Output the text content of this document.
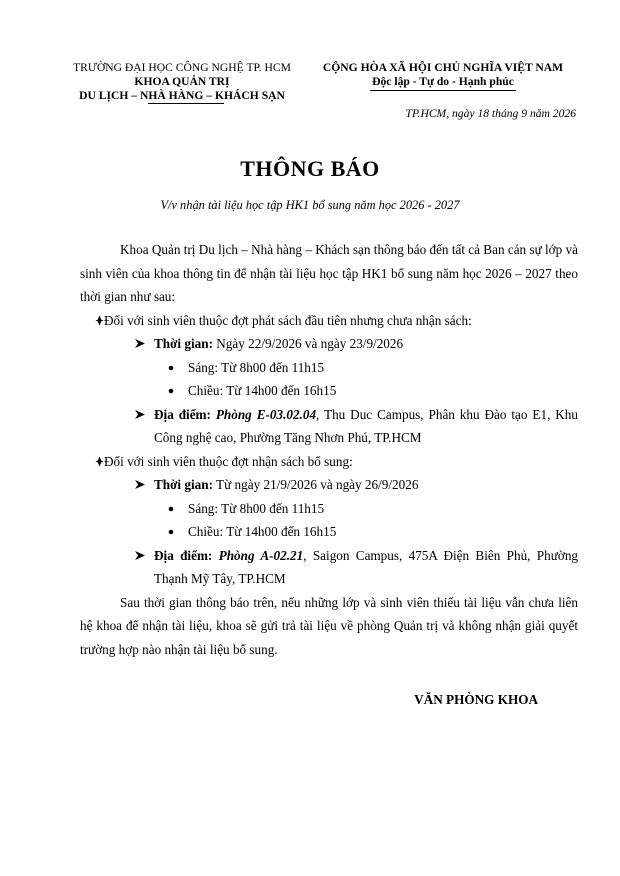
TRƯỜNG ĐẠI HỌC CÔNG NGHỆ TP. HCM
KHOA QUẢN TRỊ
DU LỊCH – NHÀ HÀNG – KHÁCH SẠN
CỘNG HÒA XÃ HỘI CHỦ NGHĨA VIỆT NAM
Độc lập - Tự do - Hạnh phúc
TP.HCM, ngày 18 tháng 9 năm 2026
THÔNG BÁO
V/v nhận tài liệu học tập HK1 bổ sung năm học 2026 - 2027

Khoa Quản trị Du lịch – Nhà hàng – Khách sạn thông báo đến tất cả Ban cán sự lớp và sinh viên của khoa thông tin để nhận tài liệu học tập HK1 bổ sung năm học 2026 – 2027 theo thời gian như sau:

Đối với sinh viên thuộc đợt phát sách đầu tiên nhưng chưa nhận sách:
Thời gian: Ngày 22/9/2026 và ngày 23/9/2026
Sáng: Từ 8h00 đến 11h15
Chiều: Từ 14h00 đến 16h15
Địa điểm: Phòng E-03.02.04, Thu Duc Campus, Phân khu Đào tạo E1, Khu Công nghệ cao, Phường Tăng Nhơn Phú, TP.HCM
Đối với sinh viên thuộc đợt nhận sách bổ sung:
Thời gian: Từ ngày 21/9/2026 và ngày 26/9/2026
Sáng: Từ 8h00 đến 11h15
Chiều: Từ 14h00 đến 16h15
Địa điểm: Phòng A-02.21, Saigon Campus, 475A Điện Biên Phủ, Phường Thạnh Mỹ Tây, TP.HCM

Sau thời gian thông báo trên, nếu những lớp và sinh viên thiếu tài liệu vẫn chưa liên hệ khoa để nhận tài liệu, khoa sẽ gửi trả tài liệu về phòng Quản trị và không nhận giải quyết trường hợp nào nhận tài liệu bổ sung.

VĂN PHÒNG KHOA
